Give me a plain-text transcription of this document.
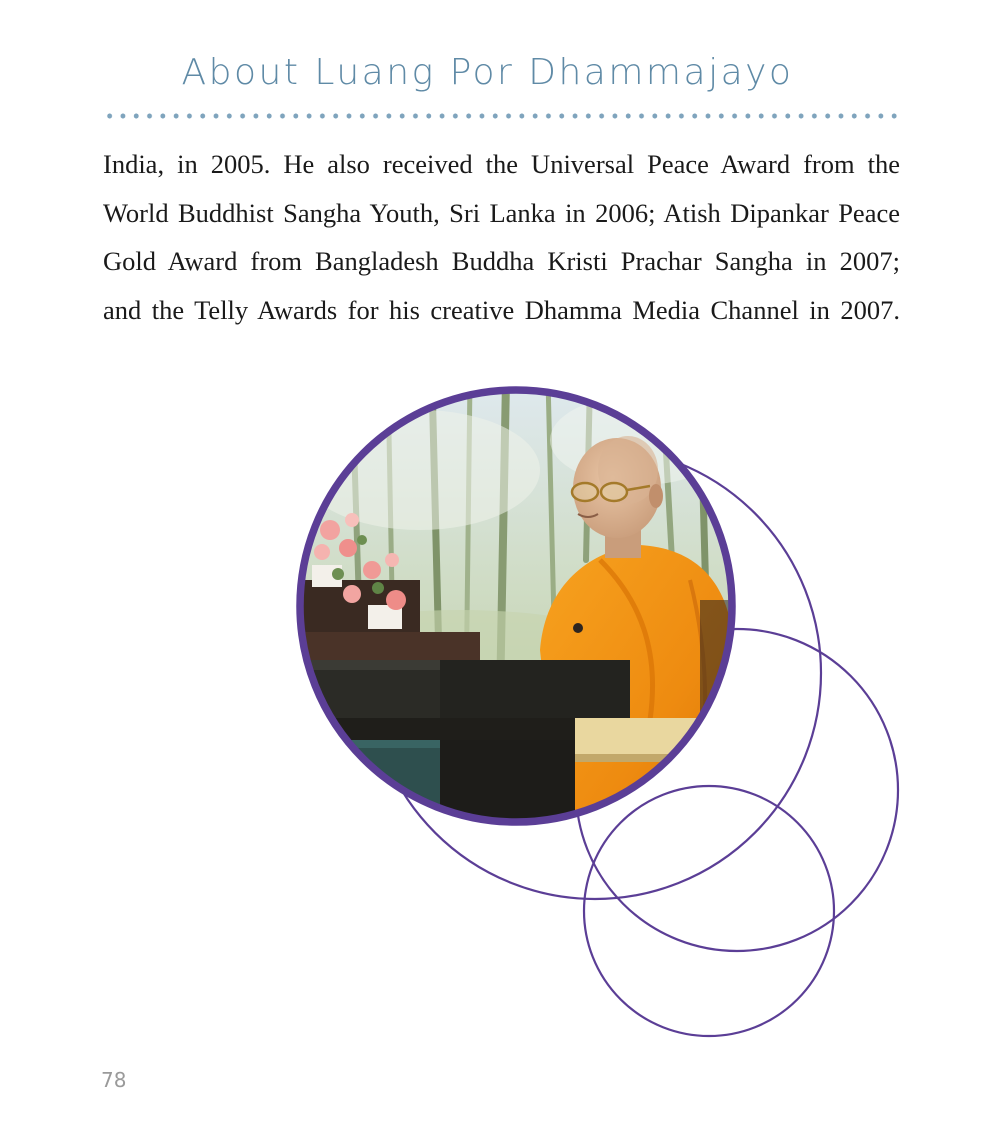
About Luang Por Dhammajayo
India, in 2005. He also received the Universal Peace Award from the
World Buddhist Sangha Youth, Sri Lanka in 2006; Atish Dipankar Peace
Gold Award from Bangladesh Buddha Kristi Prachar Sangha in 2007;
and the Telly Awards for his creative Dhamma Media Channel in 2007.

78
